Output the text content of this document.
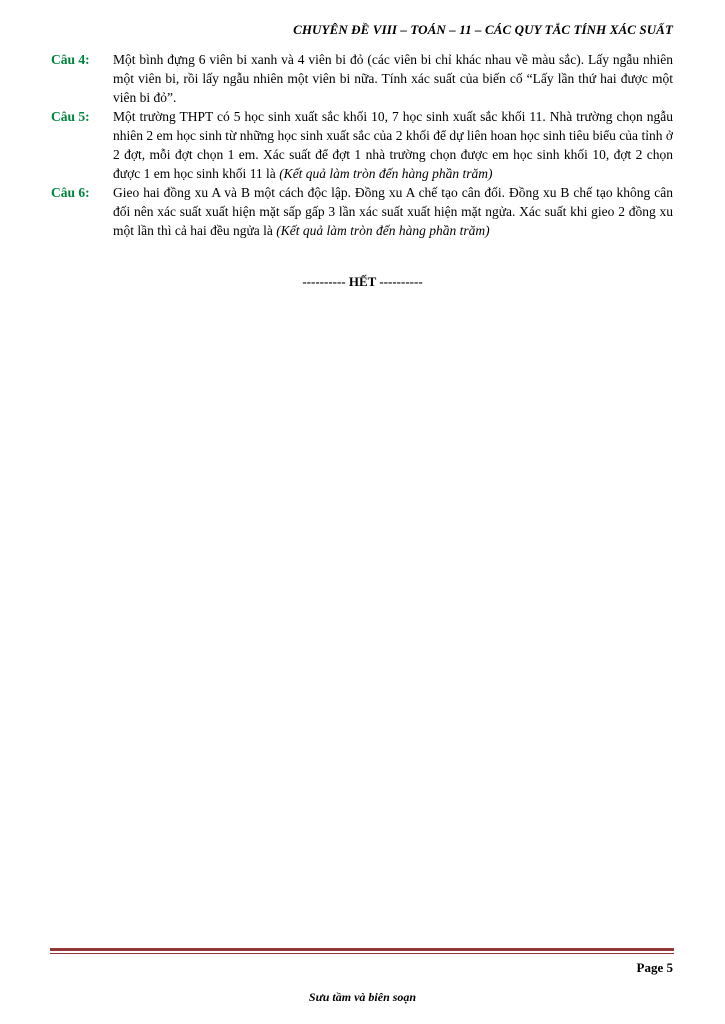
CHUYÊN ĐỀ VIII – TOÁN – 11 – CÁC QUY TẮC TÍNH XÁC SUẤT
Câu 4:	Một bình đựng 6 viên bi xanh và 4 viên bi đỏ (các viên bi chỉ khác nhau về màu sắc). Lấy ngẫu nhiên một viên bi, rồi lấy ngẫu nhiên một viên bi nữa. Tính xác suất của biến cố “Lấy lần thứ hai được một viên bi đỏ”.
Câu 5:	Một trường THPT có 5 học sinh xuất sắc khối 10, 7 học sinh xuất sắc khối 11. Nhà trường chọn ngẫu nhiên 2 em học sinh từ những học sinh xuất sắc của 2 khối để dự liên hoan học sinh tiêu biểu của tỉnh ở 2 đợt, mỗi đợt chọn 1 em. Xác suất để đợt 1 nhà trường chọn được em học sinh khối 10, đợt 2 chọn được 1 em học sinh khối 11 là (Kết quả làm tròn đến hàng phần trăm)
Câu 6:	Gieo hai đồng xu A và B một cách độc lập. Đồng xu A chế tạo cân đối. Đồng xu B chế tạo không cân đối nên xác suất xuất hiện mặt sấp gấp 3 lần xác suất xuất hiện mặt ngửa. Xác suất khi gieo 2 đồng xu một lần thì cả hai đều ngửa là (Kết quả làm tròn đến hàng phần trăm)
---------- HẾT ----------
Page 5
Sưu tầm và biên soạn
